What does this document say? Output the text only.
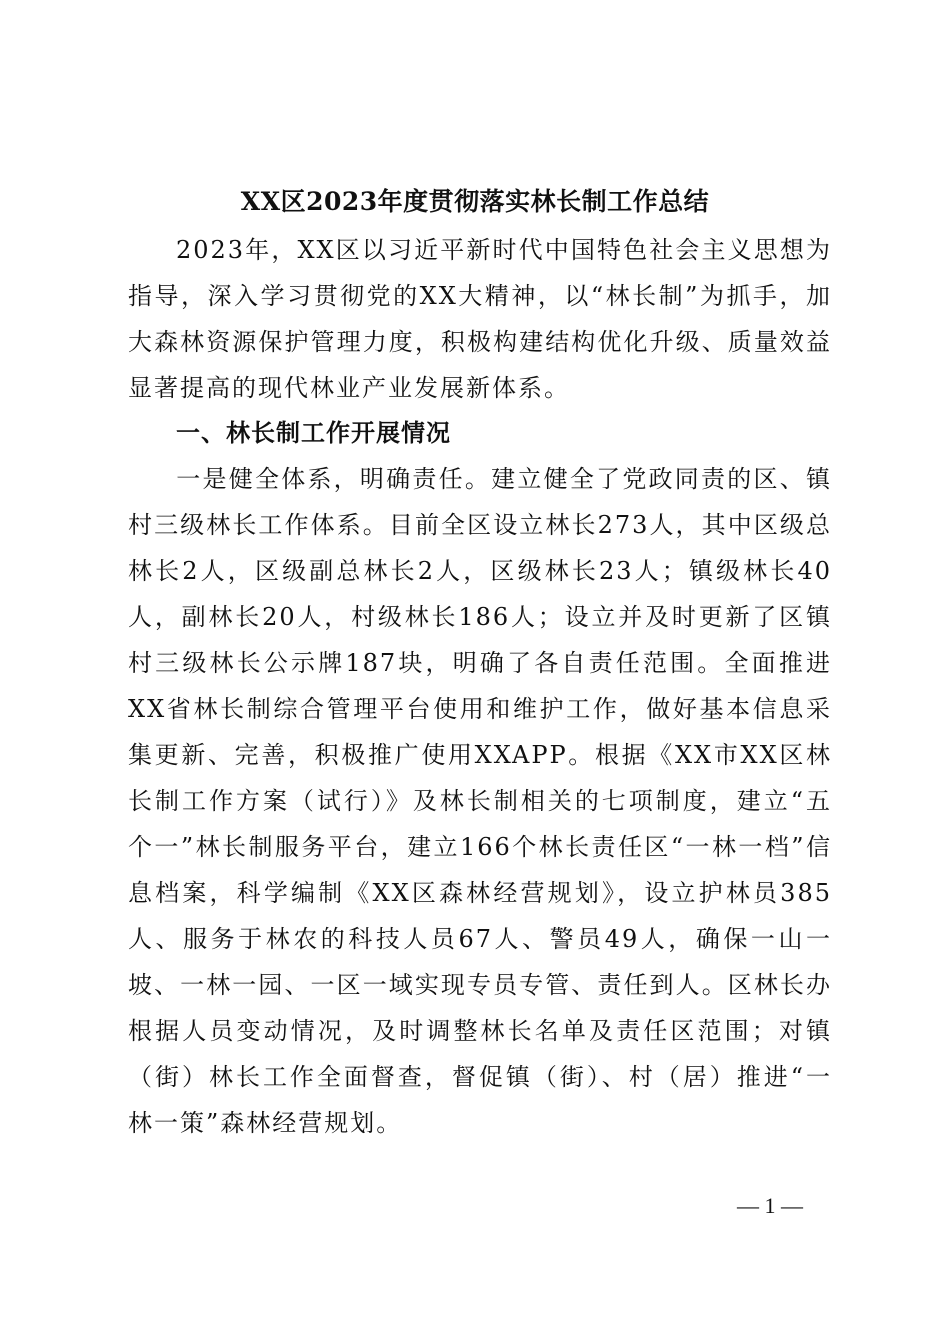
XX区2023年度贯彻落实林长制工作总结

2023年，XX区以习近平新时代中国特色社会主义思想为指导，深入学习贯彻党的XX大精神，以“林长制”为抓手，加大森林资源保护管理力度，积极构建结构优化升级、质量效益显著提高的现代林业产业发展新体系。

一、林长制工作开展情况

一是健全体系，明确责任。建立健全了党政同责的区、镇村三级林长工作体系。目前全区设立林长273人，其中区级总林长2人，区级副总林长2人，区级林长23人；镇级林长40人，副林长20人，村级林长186人；设立并及时更新了区镇村三级林长公示牌187块，明确了各自责任范围。全面推进XX省林长制综合管理平台使用和维护工作，做好基本信息采集更新、完善，积极推广使用XXAPP。根据《XX市XX区林长制工作方案（试行）》及林长制相关的七项制度，建立“五个一”林长制服务平台，建立166个林长责任区“一林一档”信息档案，科学编制《XX区森林经营规划》，设立护林员385人、服务于林农的科技人员67人、警员49人，确保一山一坡、一林一园、一区一域实现专员专管、责任到人。区林长办根据人员变动情况，及时调整林长名单及责任区范围；对镇（街）林长工作全面督查，督促镇（街）、村（居）推进“一林一策”森林经营规划。

— 1 —
